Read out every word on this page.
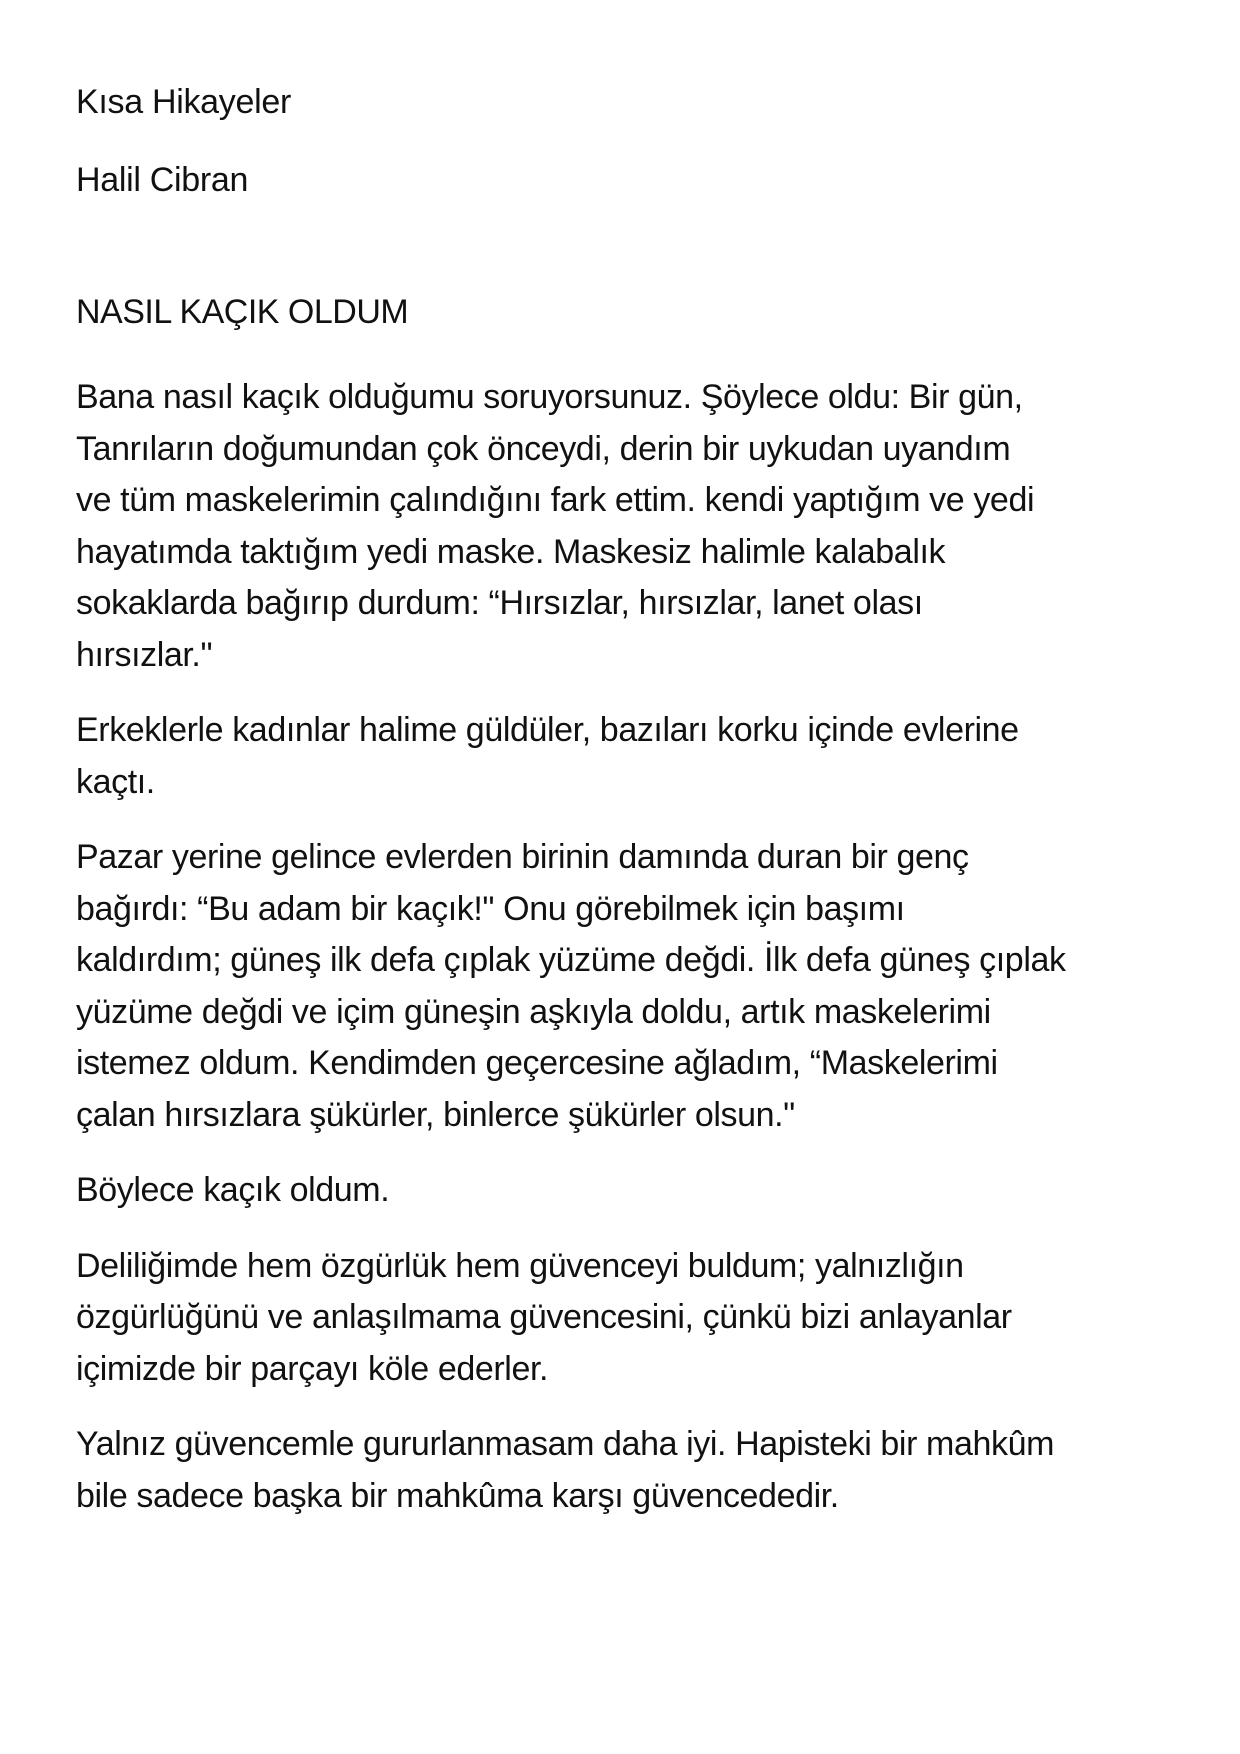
Kısa Hikayeler

Halil Cibran

NASIL KAÇIK OLDUM

Bana nasıl kaçık olduğumu soruyorsunuz. Şöylece oldu: Bir gün,
Tanrıların doğumundan çok önceydi, derin bir uykudan uyandım
ve tüm maskelerimin çalındığını fark ettim. kendi yaptığım ve yedi
hayatımda taktığım yedi maske. Maskesiz halimle kalabalık
sokaklarda bağırıp durdum: “Hırsızlar, hırsızlar, lanet olası
hırsızlar."

Erkeklerle kadınlar halime güldüler, bazıları korku içinde evlerine
kaçtı.

Pazar yerine gelince evlerden birinin damında duran bir genç
bağırdı: “Bu adam bir kaçık!" Onu görebilmek için başımı
kaldırdım; güneş ilk defa çıplak yüzüme değdi. İlk defa güneş çıplak
yüzüme değdi ve içim güneşin aşkıyla doldu, artık maskelerimi
istemez oldum. Kendimden geçercesine ağladım, “Maskelerimi
çalan hırsızlara şükürler, binlerce şükürler olsun."

Böylece kaçık oldum.

Deliliğimde hem özgürlük hem güvenceyi buldum; yalnızlığın
özgürlüğünü ve anlaşılmama güvencesini, çünkü bizi anlayanlar
içimizde bir parçayı köle ederler.

Yalnız güvencemle gururlanmasam daha iyi. Hapisteki bir mahkûm
bile sadece başka bir mahkûma karşı güvencededir.
